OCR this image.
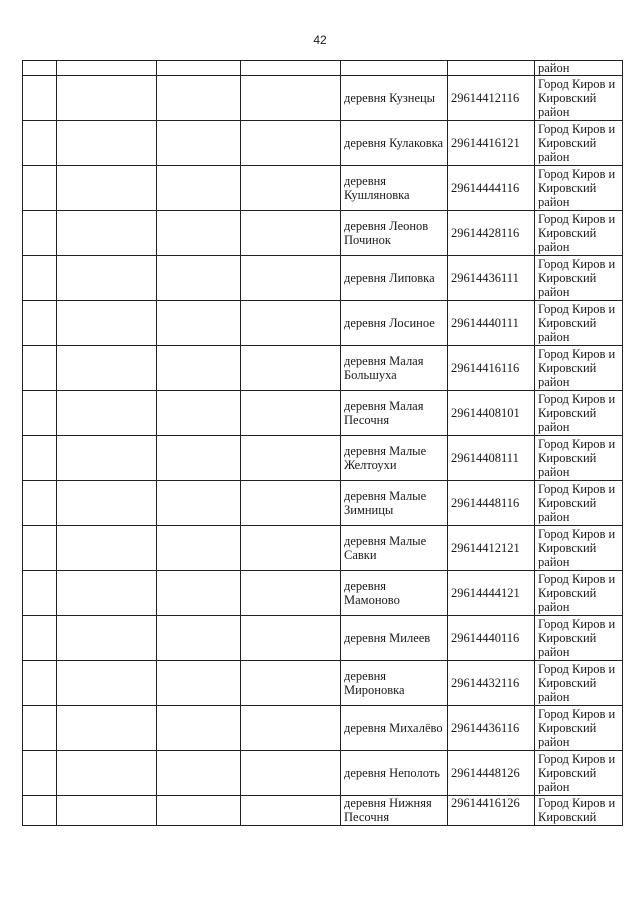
42
						район
				деревня Кузнецы	29614412116	Город Киров и Кировский район
				деревня Кулаковка	29614416121	Город Киров и Кировский район
				деревня Кушляновка	29614444116	Город Киров и Кировский район
				деревня Леонов Починок	29614428116	Город Киров и Кировский район
				деревня Липовка	29614436111	Город Киров и Кировский район
				деревня Лосиное	29614440111	Город Киров и Кировский район
				деревня Малая Большуха	29614416116	Город Киров и Кировский район
				деревня Малая Песочня	29614408101	Город Киров и Кировский район
				деревня Малые Желтоухи	29614408111	Город Киров и Кировский район
				деревня Малые Зимницы	29614448116	Город Киров и Кировский район
				деревня Малые Савки	29614412121	Город Киров и Кировский район
				деревня Мамоново	29614444121	Город Киров и Кировский район
				деревня Милеев	29614440116	Город Киров и Кировский район
				деревня Мироновка	29614432116	Город Киров и Кировский район
				деревня Михалёво	29614436116	Город Киров и Кировский район
				деревня Неполоть	29614448126	Город Киров и Кировский район
				деревня Нижняя Песочня	29614416126	Город Киров и Кировский
